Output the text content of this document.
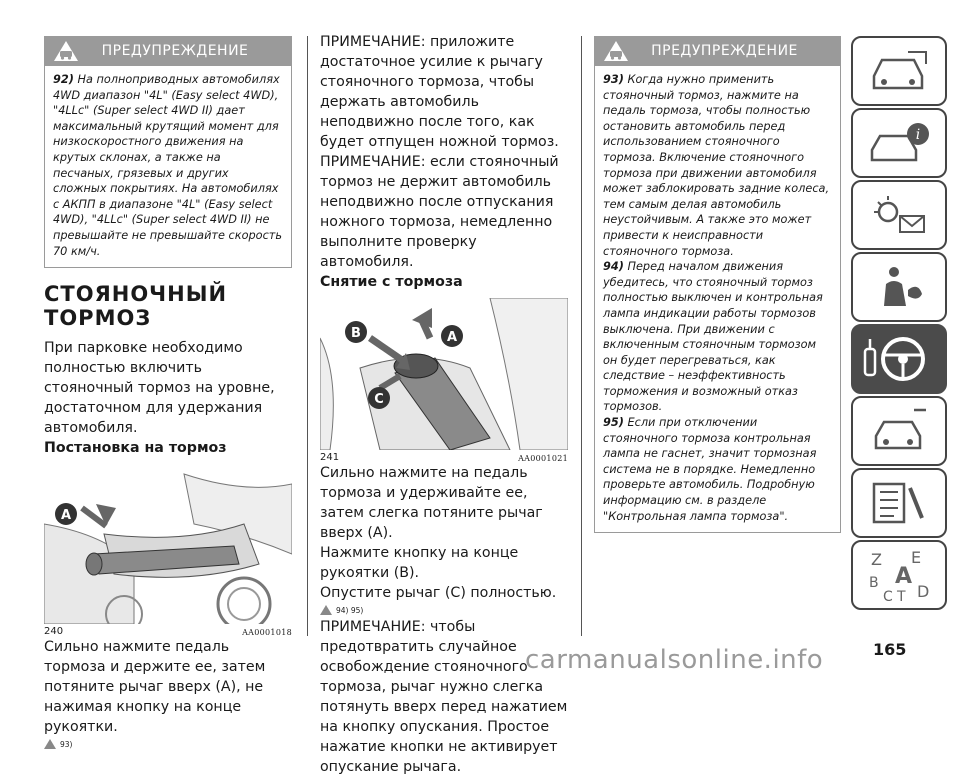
ПРЕДУПРЕЖДЕНИЕ

92) На полноприводных автомобилях 4WD диапазон "4L" (Easy select 4WD), "4LLc" (Super select 4WD II) дает максимальный крутящий момент для низкоскоростного движения на крутых склонах, а также на песчаных, грязевых и других сложных покрытиях. На автомобилях с АКПП в диапазоне "4L" (Easy select 4WD), "4LLc" (Super select 4WD II) не превышайте не превышайте скорость 70 км/ч.

СТОЯНОЧНЫЙ ТОРМОЗ

При парковке необходимо полностью включить стояночный тормоз на уровне, достаточном для удержания автомобиля.

Постановка на тормоз

A
240	AA0001018

Сильно нажмите педаль тормоза и держите ее, затем потяните рычаг вверх (A), не нажимая кнопку на конце рукоятки.

93)

ПРИМЕЧАНИЕ: приложите достаточное усилие к рычагу стояночного тормоза, чтобы держать автомобиль неподвижно после того, как будет отпущен ножной тормоз.

ПРИМЕЧАНИЕ: если стояночный тормоз не держит автомобиль неподвижно после отпускания ножного тормоза, немедленно выполните проверку автомобиля.

Снятие с тормоза

B	A
C
241	AA0001021

Сильно нажмите на педаль тормоза и удерживайте ее, затем слегка потяните рычаг вверх (A).

Нажмите кнопку на конце рукоятки (B).

Опустите рычаг (C) полностью.

94) 95)

ПРИМЕЧАНИЕ: чтобы предотвратить случайное освобождение стояночного тормоза, рычаг нужно слегка потянуть вверх перед нажатием на кнопку опускания. Простое нажатие кнопки не активирует опускание рычага.

ПРЕДУПРЕЖДЕНИЕ

93) Когда нужно применить стояночный тормоз, нажмите на педаль тормоза, чтобы полностью остановить автомобиль перед использованием стояночного тормоза. Включение стояночного тормоза при движении автомобиля может заблокировать задние колеса, тем самым делая автомобиль неустойчивым. А также это может привести к неисправности стояночного тормоза.

94) Перед началом движения убедитесь, что стояночный тормоз полностью выключен и контрольная лампа индикации работы тормозов выключена. При движении с включенным стояночным тормозом он будет перегреваться, как следствие – неэффективность торможения и возможный отказ тормозов.

95) Если при отключении стояночного тормоза контрольная лампа не гаснет, значит тормозная система не в порядке. Немедленно проверьте автомобиль. Подробную информацию см. в разделе "Контрольная лампа тормоза".

i
Z E
B A
C T D
165
carmanualsonline.info
